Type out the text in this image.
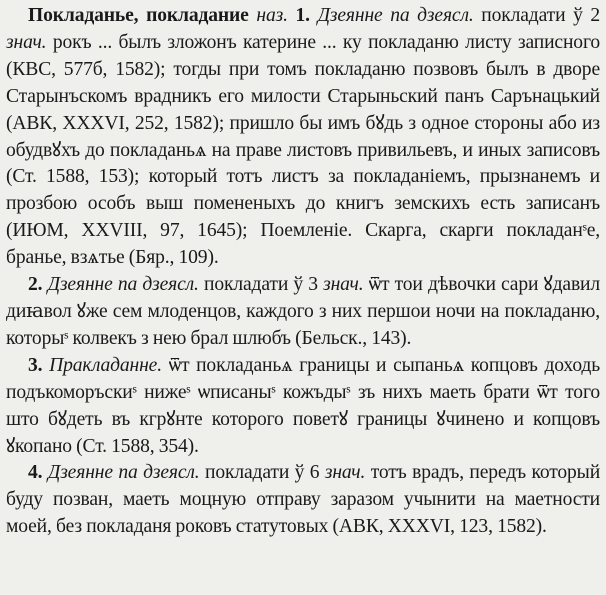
Покладанье, покладание наз. 1. Дзеянне па дзеясл. покладати ў 2 знач. рокъ ... былъ зложонъ катерине ... ку покладаню листу записного (КВС, 577б, 1582); тогды при томъ покладаню позвовъ былъ в дворе Старынъскомъ врадникъ его милости Старыньский панъ Сарънацький (АВК, XXXVI, 252, 1582); пришло бы имъ бꙋдь з одное стороны або из обудвꙋхъ до покладаньѧ на праве листовъ привильевъ, и иныx записовъ (Ст. 1588, 153); который тотъ листъ за покладаніемъ, прызнанемъ и прозбою особъ выш помененыхъ до книгъ земскихъ есть записанъ (ИЮМ, XXVIII, 97, 1645); Поемленіе. Скарга, скарги покладанˢе, бранье, взѧтье (Бяр., 109).

2. Дзеянне па дзеясл. покладати ў 3 знач. ѿт тои дѣвочки сари ꙋдавил диꙗвол ꙋже сем млоденцов, каждого з них першои ночи на покладаню, которыˢ колвекъ з нею брал шлюбъ (Бельск., 143).

3. Пракладанне. ѿт покладаньѧ границы и сыпаньѧ копцовъ доходь подъкоморъскиˢ нижеˢ ѡписаныˢ кожъдыˢ зъ нихъ маеть брати ѿт того што бꙋдеть въ кгрꙋнте которого поветꙋ границы ꙋчинено и копцовъ ꙋкопано (Ст. 1588, 354).

4. Дзеянне па дзеясл. покладати ў 6 знач. тотъ врадъ, передъ который буду позван, маеть моцную отправу заразом учынити на маетности моей, без покладаня роковъ статутовых (АВК, XXXVI, 123, 1582).
